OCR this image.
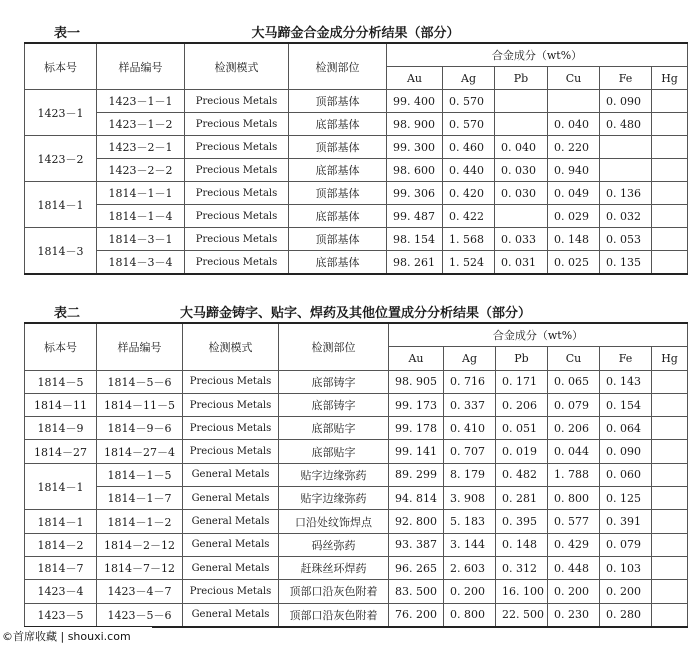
表一	大马蹄金合金成分分析结果（部分）
标本号	样品编号	检测模式	检测部位	合金成分（wt%）					
				Au	Ag	Pb	Cu	Fe	Hg
1423－1	1423－1－1	Precious Metals	顶部基体	99. 400	0. 570			0. 090	
	1423－1－2	Precious Metals	底部基体	98. 900	0. 570		0. 040	0. 480	
1423－2	1423－2－1	Precious Metals	顶部基体	99. 300	0. 460	0. 040	0. 220		
	1423－2－2	Precious Metals	底部基体	98. 600	0. 440	0. 030	0. 940		
1814－1	1814－1－1	Precious Metals	顶部基体	99. 306	0. 420	0. 030	0. 049	0. 136	
	1814－1－4	Precious Metals	底部基体	99. 487	0. 422		0. 029	0. 032	
1814－3	1814－3－1	Precious Metals	顶部基体	98. 154	1. 568	0. 033	0. 148	0. 053	
	1814－3－4	Precious Metals	底部基体	98. 261	1. 524	0. 031	0. 025	0. 135	
表二	大马蹄金铸字、贴字、焊药及其他位置成分分析结果（部分）
标本号	样品编号	检测模式	检测部位	合金成分（wt%）					
				Au	Ag	Pb	Cu	Fe	Hg
1814－5	1814－5－6	Precious Metals	底部铸字	98. 905	0. 716	0. 171	0. 065	0. 143	
1814－11	1814－11－5	Precious Metals	底部铸字	99. 173	0. 337	0. 206	0. 079	0. 154	
1814－9	1814－9－6	Precious Metals	底部贴字	99. 178	0. 410	0. 051	0. 206	0. 064	
1814－27	1814－27－4	Precious Metals	底部贴字	99. 141	0. 707	0. 019	0. 044	0. 090	
1814－1	1814－1－5	General Metals	贴字边缘弥药	89. 299	8. 179	0. 482	1. 788	0. 060	
	1814－1－7	General Metals	贴字边缘弥药	94. 814	3. 908	0. 281	0. 800	0. 125	
1814－1	1814－1－2	General Metals	口沿处纹饰焊点	92. 800	5. 183	0. 395	0. 577	0. 391	
1814－2	1814－2－12	General Metals	码丝弥药	93. 387	3. 144	0. 148	0. 429	0. 079	
1814－7	1814－7－12	General Metals	赶珠丝环焊药	96. 265	2. 603	0. 312	0. 448	0. 103	
1423－4	1423－4－7	Precious Metals	顶部口沿灰色附着	83. 500	0. 200	16. 100	0. 200	0. 200	
1423－5	1423－5－6	General Metals	顶部口沿灰色附着	76. 200	0. 800	22. 500	0. 230	0. 280	
©首席收藏 | shouxi.com
